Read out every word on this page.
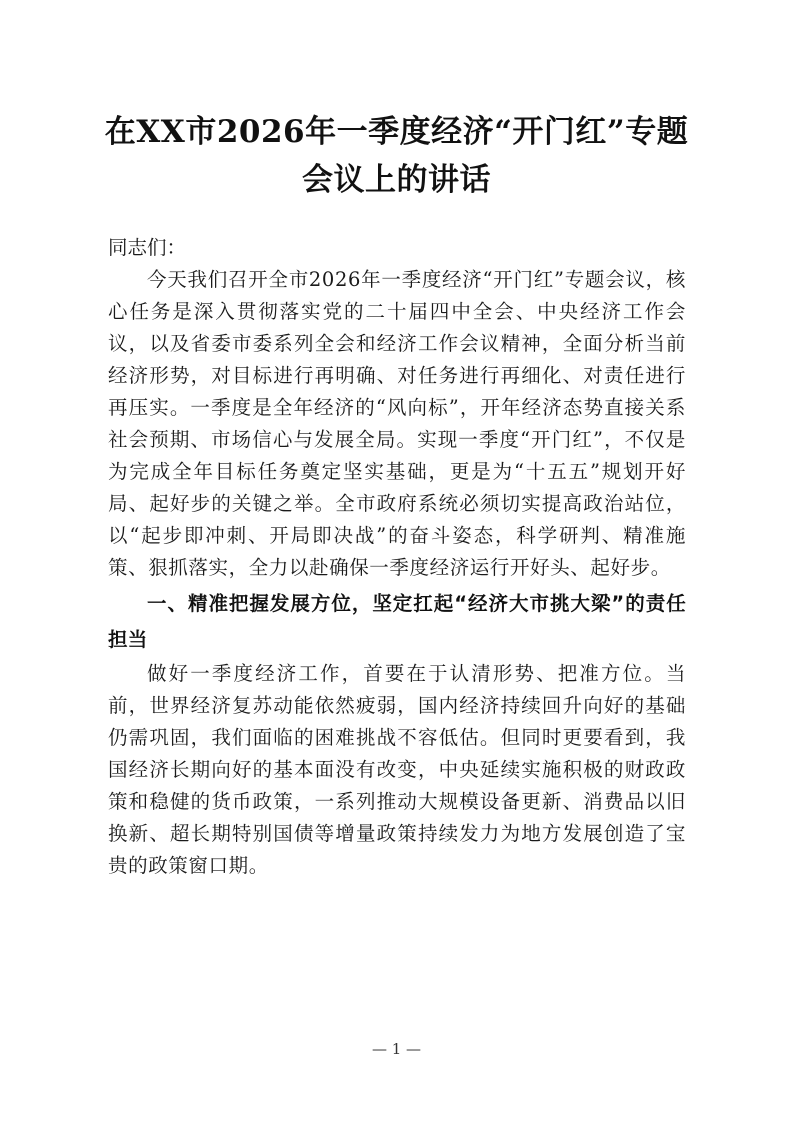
在XX市2026年一季度经济“开门红”专题会议上的讲话

同志们：

今天我们召开全市2026年一季度经济“开门红”专题会议，核心任务是深入贯彻落实党的二十届四中全会、中央经济工作会议，以及省委市委系列全会和经济工作会议精神，全面分析当前经济形势，对目标进行再明确、对任务进行再细化、对责任进行再压实。一季度是全年经济的“风向标”，开年经济态势直接关系社会预期、市场信心与发展全局。实现一季度“开门红”，不仅是为完成全年目标任务奠定坚实基础，更是为“十五五”规划开好局、起好步的关键之举。全市政府系统必须切实提高政治站位，以“起步即冲刺、开局即决战”的奋斗姿态，科学研判、精准施策、狠抓落实，全力以赴确保一季度经济运行开好头、起好步。

一、精准把握发展方位，坚定扛起“经济大市挑大梁”的责任担当

做好一季度经济工作，首要在于认清形势、把准方位。当前，世界经济复苏动能依然疲弱，国内经济持续回升向好的基础仍需巩固，我们面临的困难挑战不容低估。但同时更要看到，我国经济长期向好的基本面没有改变，中央延续实施积极的财政政策和稳健的货币政策，一系列推动大规模设备更新、消费品以旧换新、超长期特别国债等增量政策持续发力为地方发展创造了宝贵的政策窗口期。

— 1 —
